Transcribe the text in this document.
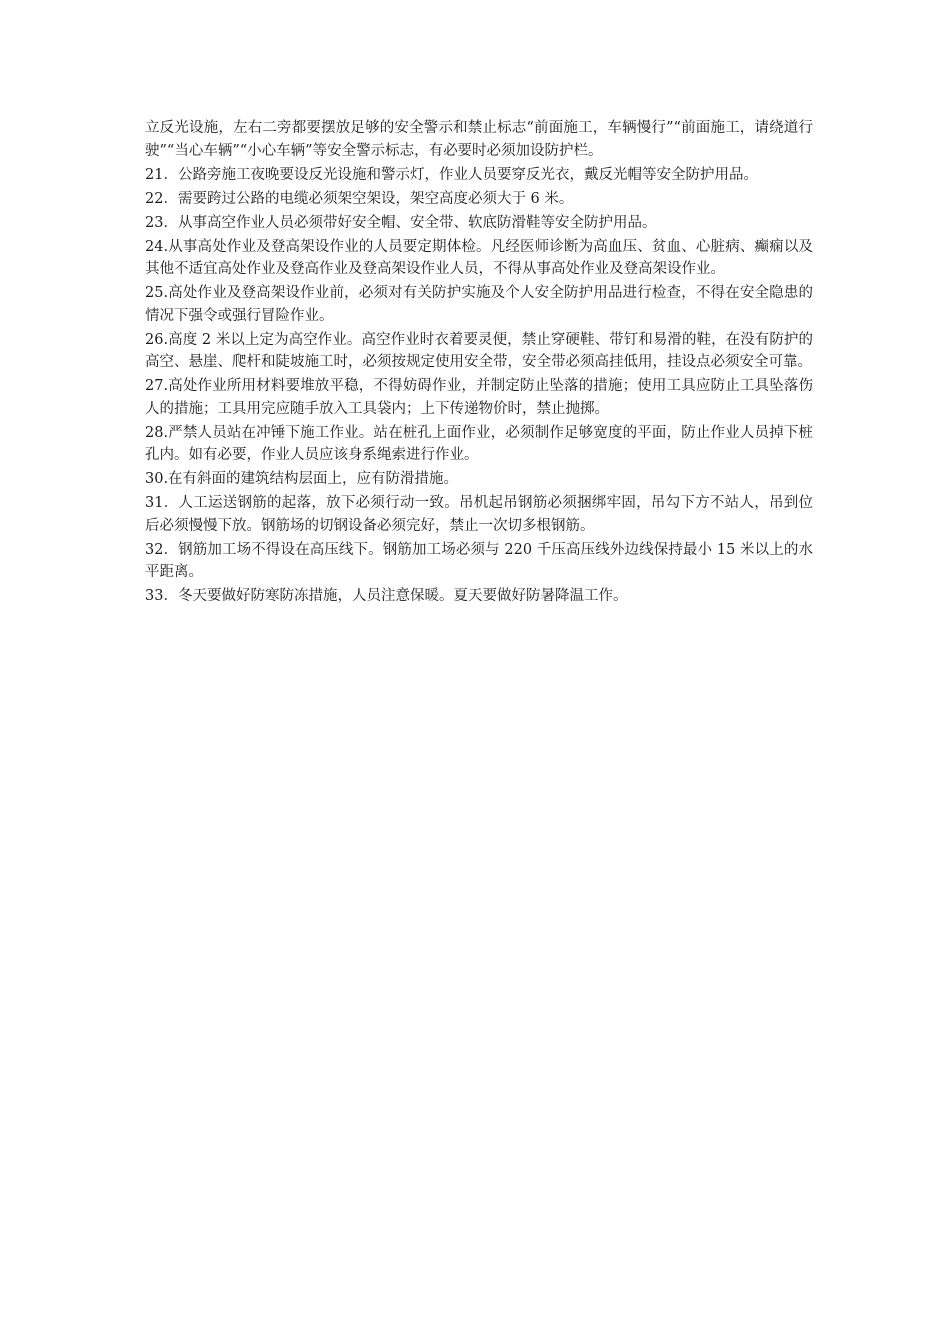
立反光设施，左右二旁都要摆放足够的安全警示和禁止标志“前面施工，车辆慢行”“前面施工，请绕道行驶”“当心车辆”“小心车辆”等安全警示标志，有必要时必须加设防护栏。

21．公路旁施工夜晚要设反光设施和警示灯，作业人员要穿反光衣，戴反光帽等安全防护用品。

22．需要跨过公路的电缆必须架空架设，架空高度必须大于 6 米。

23．从事高空作业人员必须带好安全帽、安全带、软底防滑鞋等安全防护用品。

24.从事高处作业及登高架设作业的人员要定期体检。凡经医师诊断为高血压、贫血、心脏病、癫痫以及其他不适宜高处作业及登高作业及登高架设作业人员，不得从事高处作业及登高架设作业。

25.高处作业及登高架设作业前，必须对有关防护实施及个人安全防护用品进行检查，不得在安全隐患的情况下强令或强行冒险作业。

26.高度 2 米以上定为高空作业。高空作业时衣着要灵便，禁止穿硬鞋、带钉和易滑的鞋，在没有防护的高空、悬崖、爬杆和陡坡施工时，必须按规定使用安全带，安全带必须高挂低用，挂设点必须安全可靠。

27.高处作业所用材料要堆放平稳，不得妨碍作业，并制定防止坠落的措施；使用工具应防止工具坠落伤人的措施；工具用完应随手放入工具袋内；上下传递物价时，禁止抛掷。

28.严禁人员站在冲锤下施工作业。站在桩孔上面作业，必须制作足够宽度的平面，防止作业人员掉下桩孔内。如有必要，作业人员应该身系绳索进行作业。

30.在有斜面的建筑结构层面上，应有防滑措施。

31．人工运送钢筋的起落，放下必须行动一致。吊机起吊钢筋必须捆绑牢固，吊勾下方不站人，吊到位后必须慢慢下放。钢筋场的切钢设备必须完好，禁止一次切多根钢筋。

32．钢筋加工场不得设在高压线下。钢筋加工场必须与 220 千压高压线外边线保持最小 15 米以上的水平距离。

33．冬天要做好防寒防冻措施，人员注意保暖。夏天要做好防暑降温工作。
